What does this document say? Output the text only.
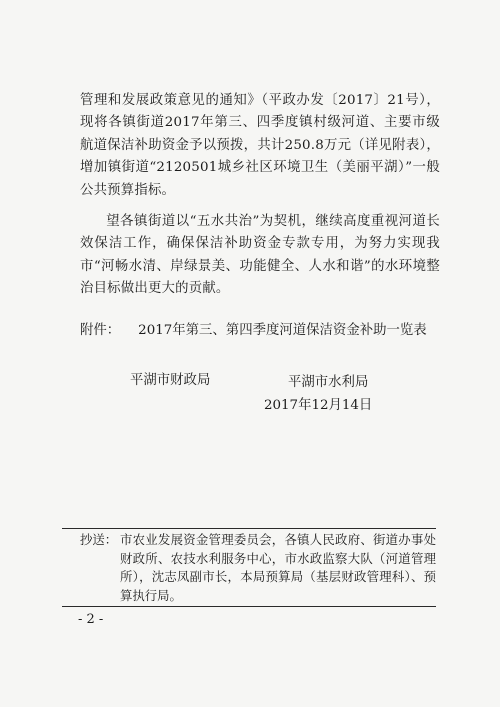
管理和发展政策意见的通知》（平政办发〔2017〕21号），现将各镇街道2017年第三、四季度镇村级河道、主要市级航道保洁补助资金予以预拨，共计250.8万元（详见附表），增加镇街道“2120501城乡社区环境卫生（美丽平湖）”一般公共预算指标。
望各镇街道以“五水共治”为契机，继续高度重视河道长效保洁工作，确保保洁补助资金专款专用，为努力实现我市“河畅水清、岸绿景美、功能健全、人水和谐”的水环境整治目标做出更大的贡献。
附件： 2017年第三、第四季度河道保洁资金补助一览表
平湖市财政局	平湖市水利局
2017年12月14日
抄送： 市农业发展资金管理委员会，各镇人民政府、街道办事处财政所、农技水利服务中心，市水政监察大队（河道管理所），沈志凤副市长，本局预算局（基层财政管理科）、预算执行局。
- 2 -
